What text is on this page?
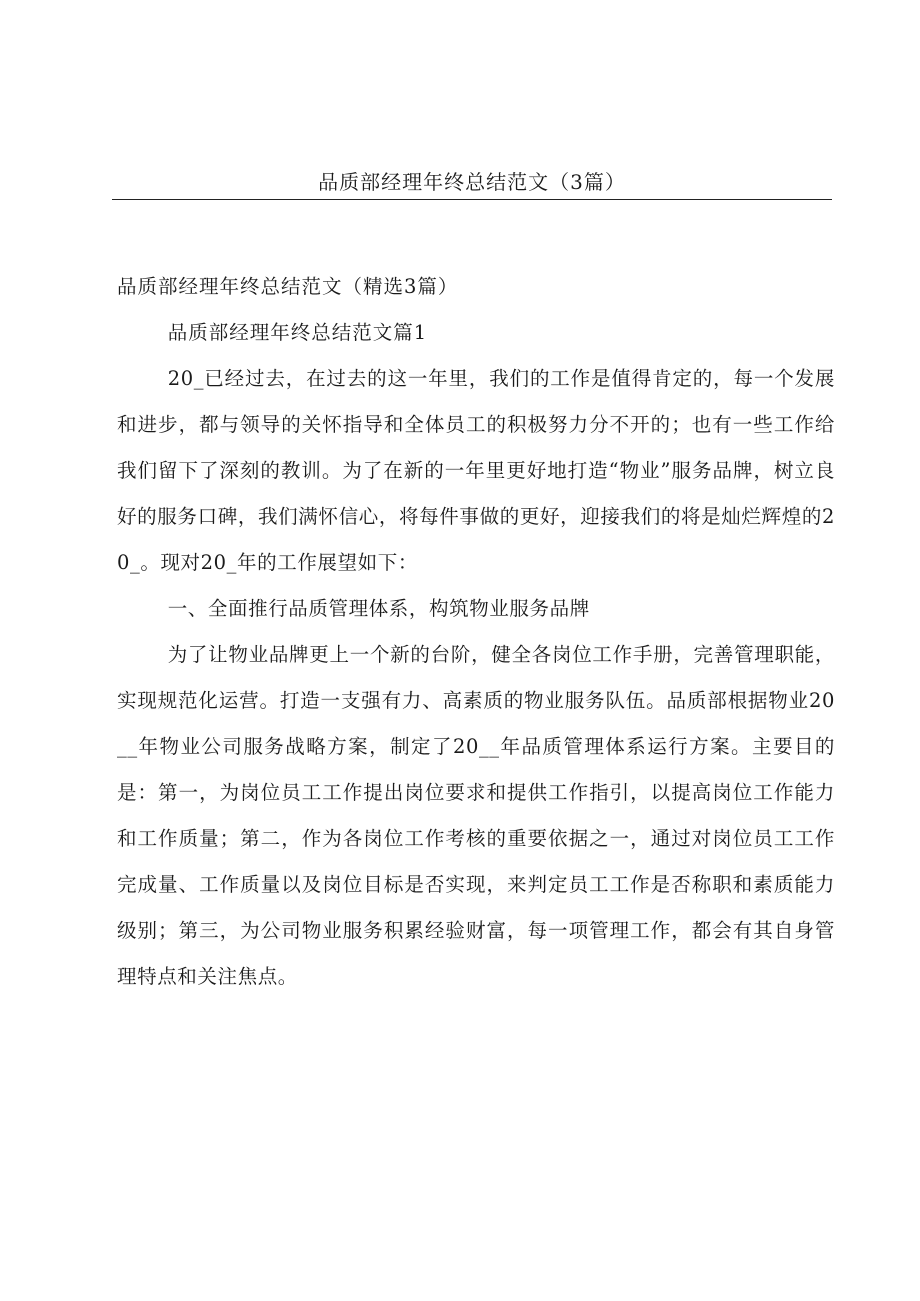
品质部经理年终总结范文（3篇）

品质部经理年终总结范文（精选3篇）

品质部经理年终总结范文篇1

20_已经过去，在过去的这一年里，我们的工作是值得肯定的，每一个发展和进步，都与领导的关怀指导和全体员工的积极努力分不开的；也有一些工作给我们留下了深刻的教训。为了在新的一年里更好地打造“物业”服务品牌，树立良好的服务口碑，我们满怀信心，将每件事做的更好，迎接我们的将是灿烂辉煌的20_。现对20_年的工作展望如下：

一、全面推行品质管理体系，构筑物业服务品牌

为了让物业品牌更上一个新的台阶，健全各岗位工作手册，完善管理职能，实现规范化运营。打造一支强有力、高素质的物业服务队伍。品质部根据物业20__年物业公司服务战略方案，制定了20__年品质管理体系运行方案。主要目的是：第一，为岗位员工工作提出岗位要求和提供工作指引，以提高岗位工作能力和工作质量；第二，作为各岗位工作考核的重要依据之一，通过对岗位员工工作完成量、工作质量以及岗位目标是否实现，来判定员工工作是否称职和素质能力级别；第三，为公司物业服务积累经验财富，每一项管理工作，都会有其自身管理特点和关注焦点。
